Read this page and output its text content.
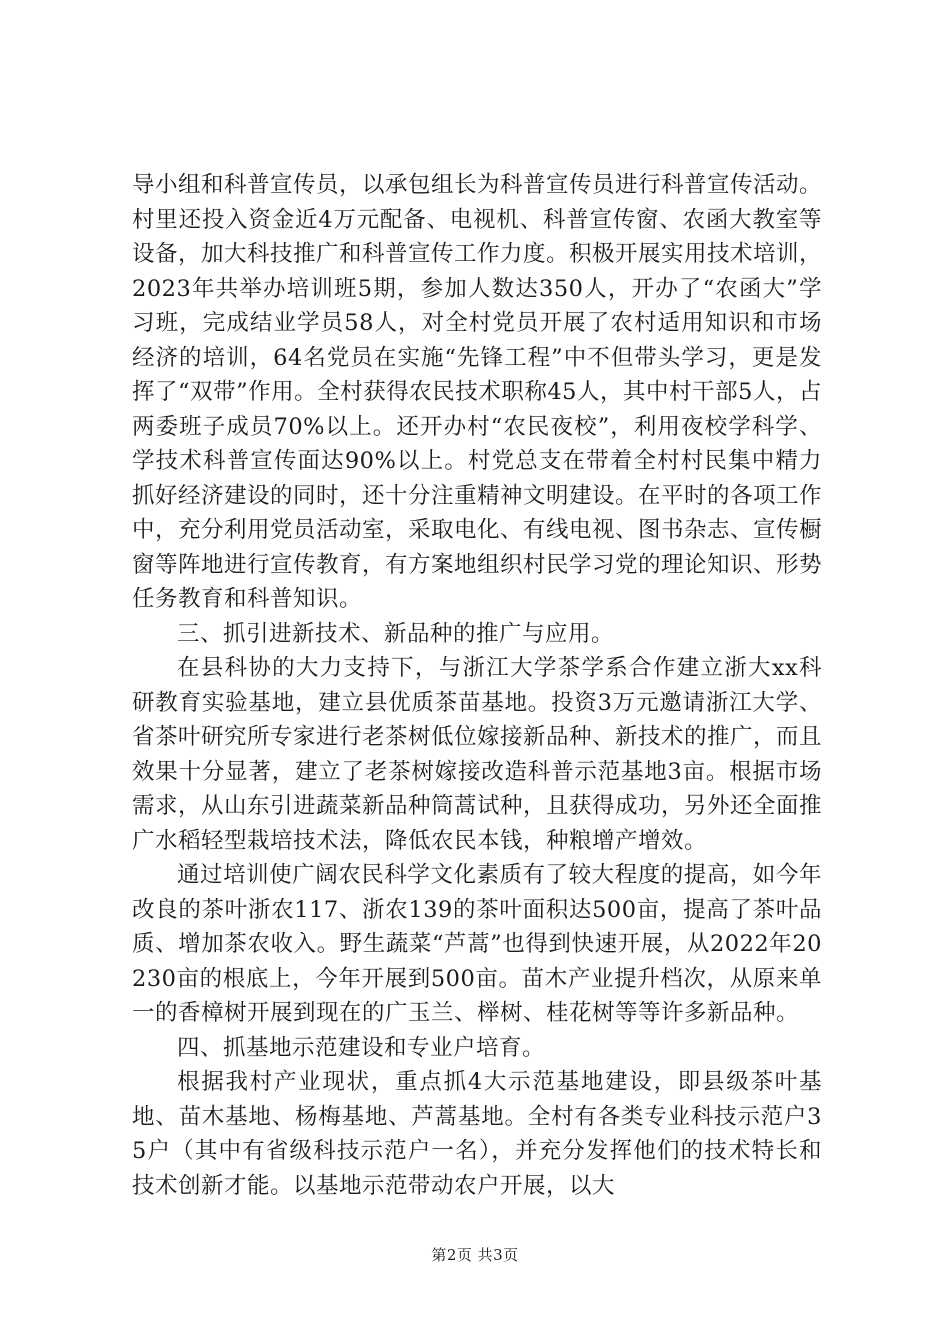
导小组和科普宣传员，以承包组长为科普宣传员进行科普宣传活动。村里还投入资金近4万元配备、电视机、科普宣传窗、农函大教室等设备，加大科技推广和科普宣传工作力度。积极开展实用技术培训，2023年共举办培训班5期，参加人数达350人，开办了“农函大”学习班，完成结业学员58人，对全村党员开展了农村适用知识和市场经济的培训，64名党员在实施“先锋工程”中不但带头学习，更是发挥了“双带”作用。全村获得农民技术职称45人，其中村干部5人，占两委班子成员70%以上。还开办村“农民夜校”，利用夜校学科学、学技术科普宣传面达90%以上。村党总支在带着全村村民集中精力抓好经济建设的同时，还十分注重精神文明建设。在平时的各项工作中，充分利用党员活动室，采取电化、有线电视、图书杂志、宣传橱窗等阵地进行宣传教育，有方案地组织村民学习党的理论知识、形势任务教育和科普知识。

三、抓引进新技术、新品种的推广与应用。

在县科协的大力支持下，与浙江大学茶学系合作建立浙大xx科研教育实验基地，建立县优质茶苗基地。投资3万元邀请浙江大学、省茶叶研究所专家进行老茶树低位嫁接新品种、新技术的推广，而且效果十分显著，建立了老茶树嫁接改造科普示范基地3亩。根据市场需求，从山东引进蔬菜新品种筒蒿试种，且获得成功，另外还全面推广水稻轻型栽培技术法，降低农民本钱，种粮增产增效。

通过培训使广阔农民科学文化素质有了较大程度的提高，如今年改良的茶叶浙农117、浙农139的茶叶面积达500亩，提高了茶叶品质、增加茶农收入。野生蔬菜“芦蒿”也得到快速开展，从2022年20230亩的根底上，今年开展到500亩。苗木产业提升档次，从原来单一的香樟树开展到现在的广玉兰、榉树、桂花树等等许多新品种。

四、抓基地示范建设和专业户培育。

根据我村产业现状，重点抓4大示范基地建设，即县级茶叶基地、苗木基地、杨梅基地、芦蒿基地。全村有各类专业科技示范户35户（其中有省级科技示范户一名），并充分发挥他们的技术特长和技术创新才能。以基地示范带动农户开展，以大

第2页 共3页
